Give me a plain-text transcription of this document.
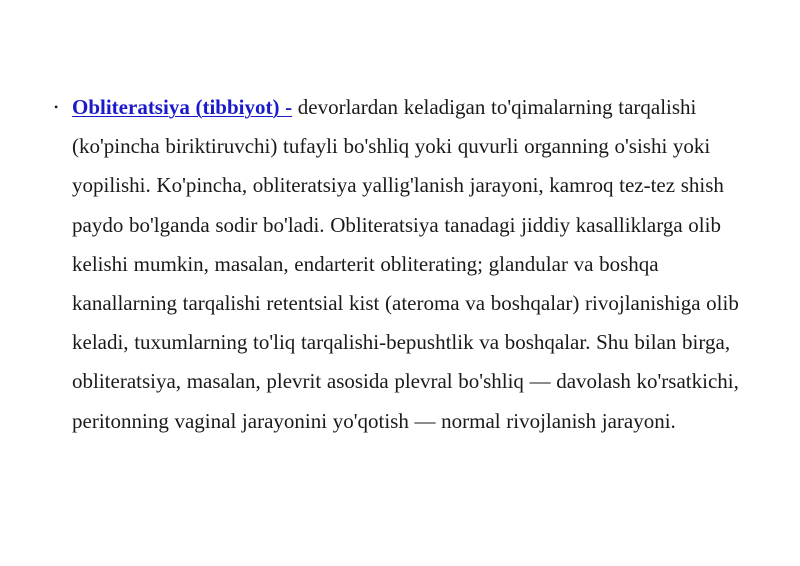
• Obliteratsiya (tibbiyot) - devorlardan keladigan to'qimalarning tarqalishi (ko'pincha biriktiruvchi) tufayli bo'shliq yoki quvurli organning o'sishi yoki yopilishi. Ko'pincha, obliteratsiya yallig'lanish jarayoni, kamroq tez-tez shish paydo bo'lganda sodir bo'ladi. Obliteratsiya tanadagi jiddiy kasalliklarga olib kelishi mumkin, masalan, endarterit obliterating; glandular va boshqa kanallarning tarqalishi retentsial kist (ateroma va boshqalar) rivojlanishiga olib keladi, tuxumlarning to'liq tarqalishi-bepushtlik va boshqalar. Shu bilan birga, obliteratsiya, masalan, plevrit asosida plevral bo'shliq — davolash ko'rsatkichi, peritonning vaginal jarayonini yo'qotish — normal rivojlanish jarayoni.
